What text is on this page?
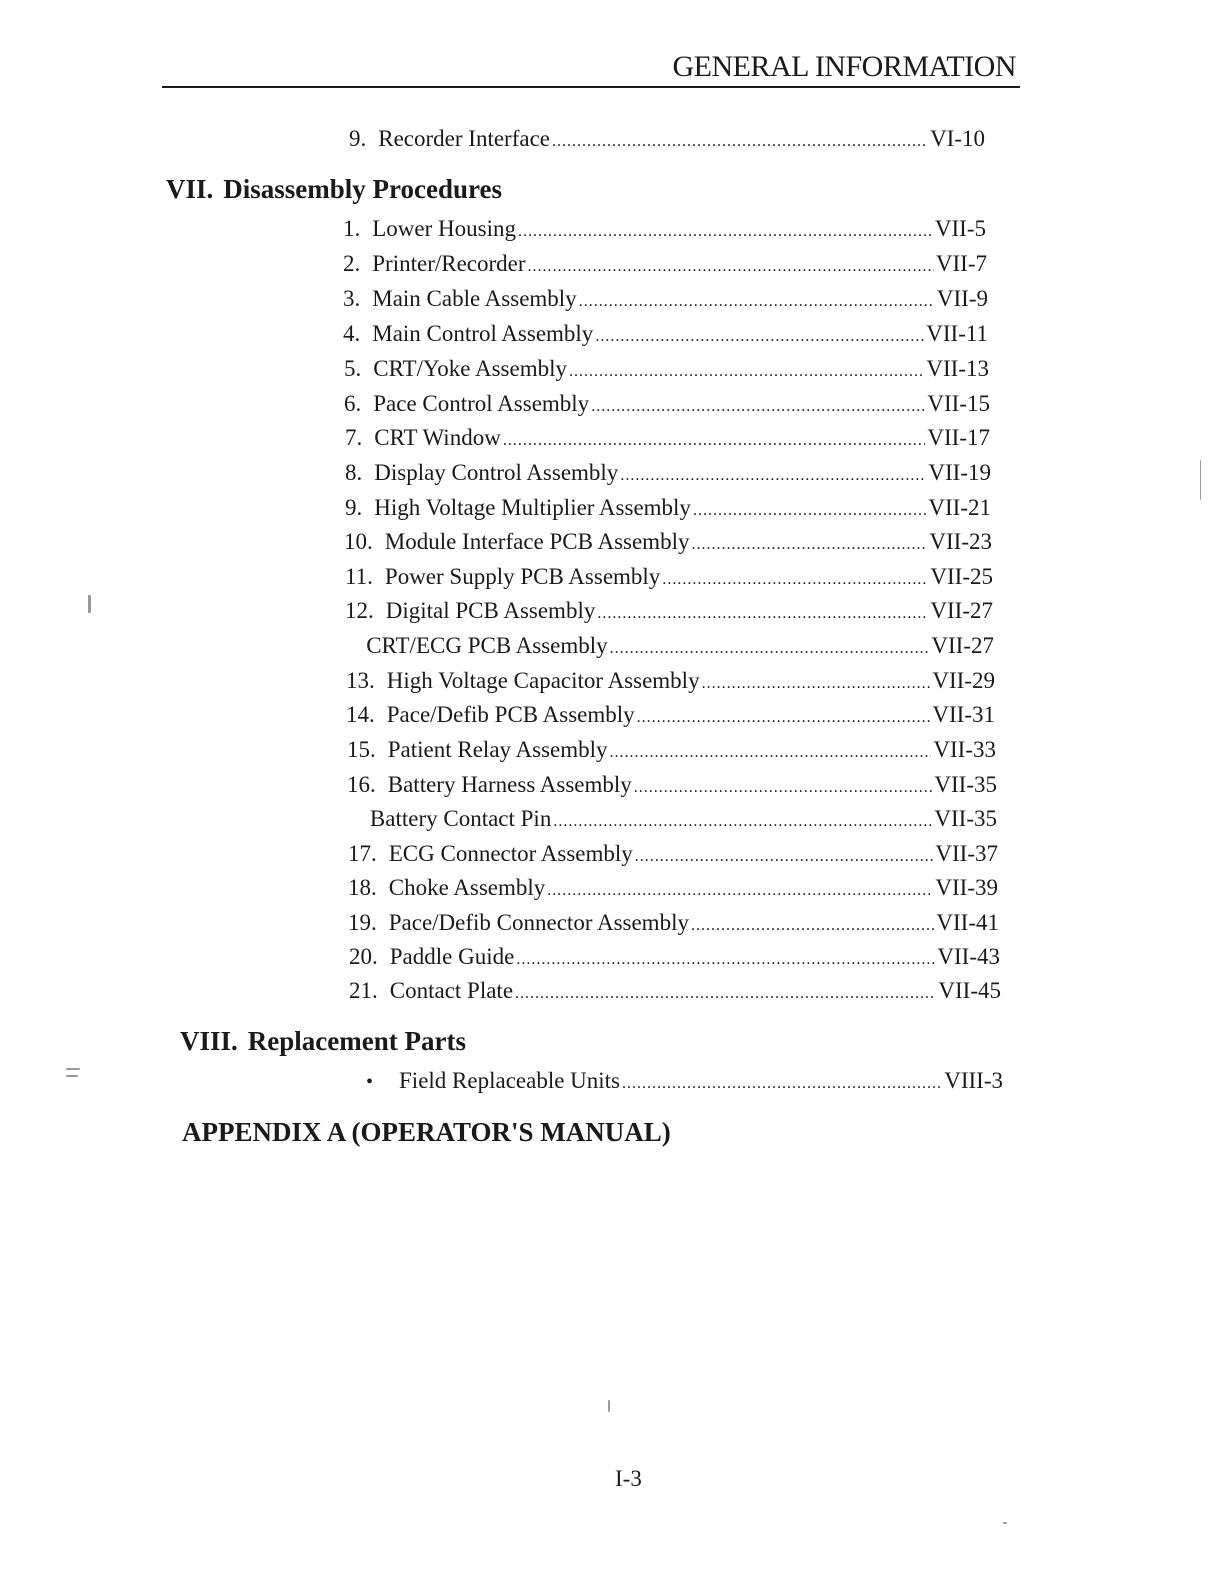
GENERAL INFORMATION
9. Recorder Interface .....	VI-10
VII. Disassembly Procedures
1. Lower Housing .....	VII-5
2. Printer/Recorder .....	VII-7
3. Main Cable Assembly .....	VII-9
4. Main Control Assembly .....	VII-11
5. CRT/Yoke Assembly .....	VII-13
6. Pace Control Assembly .....	VII-15
7. CRT Window .....	VII-17
8. Display Control Assembly .....	VII-19
9. High Voltage Multiplier Assembly .....	VII-21
10. Module Interface PCB Assembly .....	VII-23
11. Power Supply PCB Assembly .....	VII-25
12. Digital PCB Assembly .....	VII-27
CRT/ECG PCB Assembly .....	VII-27
13. High Voltage Capacitor Assembly .....	VII-29
14. Pace/Defib PCB Assembly .....	VII-31
15. Patient Relay Assembly .....	VII-33
16. Battery Harness Assembly .....	VII-35
Battery Contact Pin .....	VII-35
17. ECG Connector Assembly .....	VII-37
18. Choke Assembly .....	VII-39
19. Pace/Defib Connector Assembly .....	VII-41
20. Paddle Guide .....	VII-43
21. Contact Plate .....	VII-45
VIII. Replacement Parts
• Field Replaceable Units .....	VIII-3
APPENDIX A (OPERATOR'S MANUAL)
I-3
